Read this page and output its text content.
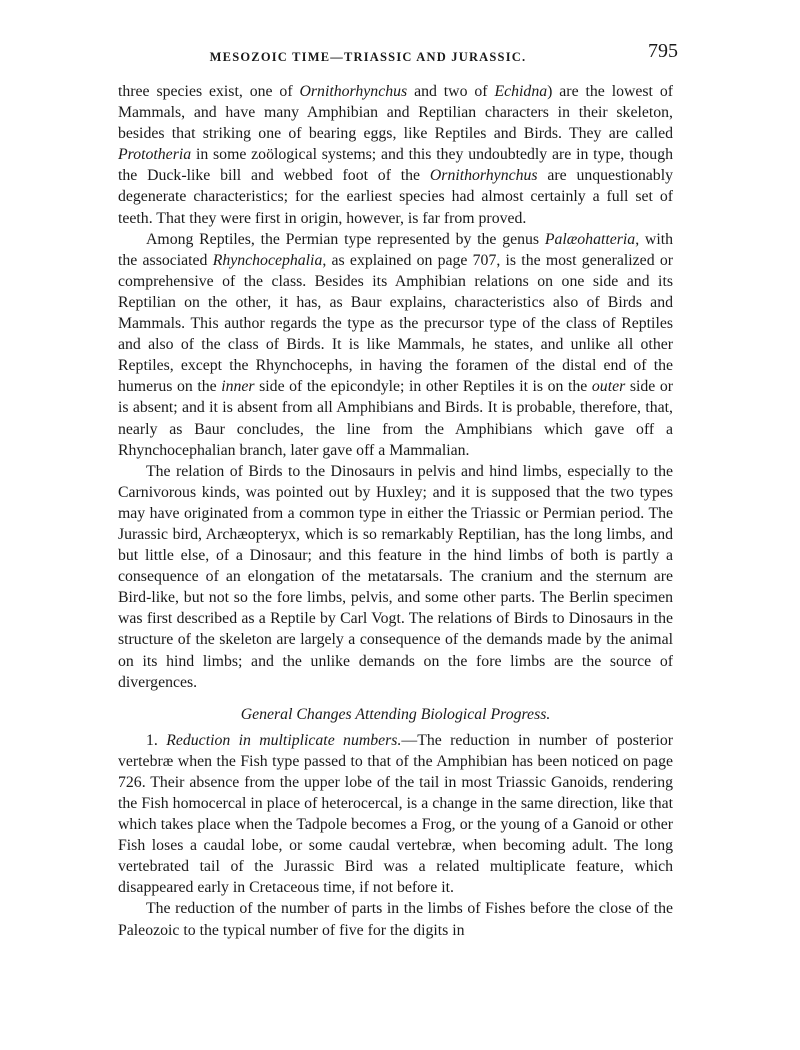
MESOZOIC TIME—TRIASSIC AND JURASSIC.	795

three species exist, one of Ornithorhynchus and two of Echidna) are the lowest of Mammals, and have many Amphibian and Reptilian characters in their skeleton, besides that striking one of bearing eggs, like Reptiles and Birds. They are called Prototheria in some zoölogical systems; and this they undoubtedly are in type, though the Duck-like bill and webbed foot of the Ornithorhynchus are unquestionably degenerate characteristics; for the earliest species had almost certainly a full set of teeth. That they were first in origin, however, is far from proved.

Among Reptiles, the Permian type represented by the genus Palæohatteria, with the associated Rhynchocephalia, as explained on page 707, is the most generalized or comprehensive of the class. Besides its Amphibian relations on one side and its Reptilian on the other, it has, as Baur explains, characteristics also of Birds and Mammals. This author regards the type as the precursor type of the class of Reptiles and also of the class of Birds. It is like Mammals, he states, and unlike all other Reptiles, except the Rhynchocephs, in having the foramen of the distal end of the humerus on the inner side of the epicondyle; in other Reptiles it is on the outer side or is absent; and it is absent from all Amphibians and Birds. It is probable, therefore, that, nearly as Baur concludes, the line from the Amphibians which gave off a Rhynchocephalian branch, later gave off a Mammalian.

The relation of Birds to the Dinosaurs in pelvis and hind limbs, especially to the Carnivorous kinds, was pointed out by Huxley; and it is supposed that the two types may have originated from a common type in either the Triassic or Permian period. The Jurassic bird, Archæopteryx, which is so remarkably Reptilian, has the long limbs, and but little else, of a Dinosaur; and this feature in the hind limbs of both is partly a consequence of an elongation of the metatarsals. The cranium and the sternum are Bird-like, but not so the fore limbs, pelvis, and some other parts. The Berlin specimen was first described as a Reptile by Carl Vogt. The relations of Birds to Dinosaurs in the structure of the skeleton are largely a consequence of the demands made by the animal on its hind limbs; and the unlike demands on the fore limbs are the source of divergences.

General Changes Attending Biological Progress.

1. Reduction in multiplicate numbers.—The reduction in number of posterior vertebræ when the Fish type passed to that of the Amphibian has been noticed on page 726. Their absence from the upper lobe of the tail in most Triassic Ganoids, rendering the Fish homocercal in place of heterocercal, is a change in the same direction, like that which takes place when the Tadpole becomes a Frog, or the young of a Ganoid or other Fish loses a caudal lobe, or some caudal vertebræ, when becoming adult. The long vertebrated tail of the Jurassic Bird was a related multiplicate feature, which disappeared early in Cretaceous time, if not before it.

The reduction of the number of parts in the limbs of Fishes before the close of the Paleozoic to the typical number of five for the digits in
